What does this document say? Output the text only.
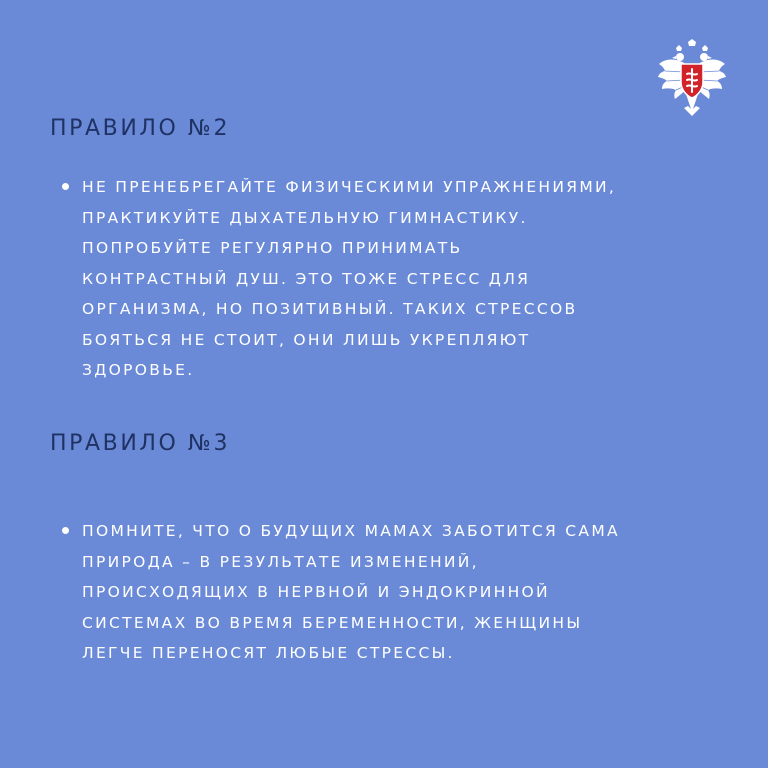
ПРАВИЛО №2
НЕ ПРЕНЕБРЕГАЙТЕ ФИЗИЧЕСКИМИ УПРАЖНЕНИЯМИ,
ПРАКТИКУЙТЕ ДЫХАТЕЛЬНУЮ ГИМНАСТИКУ.
ПОПРОБУЙТЕ РЕГУЛЯРНО ПРИНИМАТЬ
КОНТРАСТНЫЙ ДУШ. ЭТО ТОЖЕ СТРЕСС ДЛЯ
ОРГАНИЗМА, НО ПОЗИТИВНЫЙ. ТАКИХ СТРЕССОВ
БОЯТЬСЯ НЕ СТОИТ, ОНИ ЛИШЬ УКРЕПЛЯЮТ
ЗДОРОВЬЕ.
ПРАВИЛО №3
ПОМНИТЕ, ЧТО О БУДУЩИХ МАМАХ ЗАБОТИТСЯ САМА
ПРИРОДА – В РЕЗУЛЬТАТЕ ИЗМЕНЕНИЙ,
ПРОИСХОДЯЩИХ В НЕРВНОЙ И ЭНДОКРИННОЙ
СИСТЕМАХ ВО ВРЕМЯ БЕРЕМЕННОСТИ, ЖЕНЩИНЫ
ЛЕГЧЕ ПЕРЕНОСЯТ ЛЮБЫЕ СТРЕССЫ.
